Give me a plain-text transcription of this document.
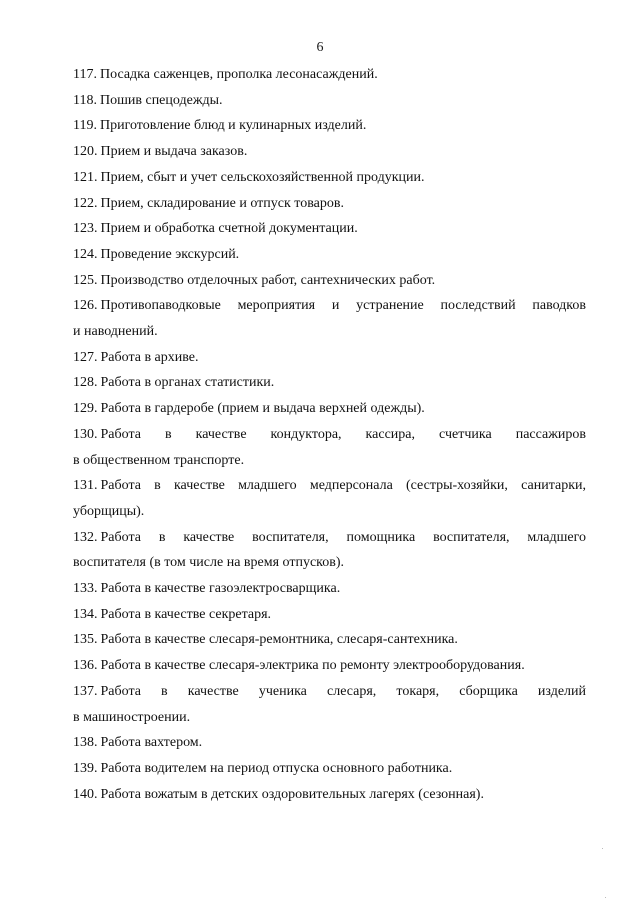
6

117. Посадка саженцев, прополка лесонасаждений.

118. Пошив спецодежды.

119. Приготовление блюд и кулинарных изделий.

120. Прием и выдача заказов.

121. Прием, сбыт и учет сельскохозяйственной продукции.

122. Прием, складирование и отпуск товаров.

123. Прием и обработка счетной документации.

124. Проведение экскурсий.

125. Производство отделочных работ, сантехнических работ.

126. Противопаводковые мероприятия и устранение последствий паводков
и наводнений.

127. Работа в архиве.

128. Работа в органах статистики.

129. Работа в гардеробе (прием и выдача верхней одежды).

130. Работа в качестве кондуктора, кассира, счетчика пассажиров
в общественном транспорте.

131. Работа в качестве младшего медперсонала (сестры-хозяйки, санитарки,
уборщицы).

132. Работа в качестве воспитателя, помощника воспитателя, младшего
воспитателя (в том числе на время отпусков).

133. Работа в качестве газоэлектросварщика.

134. Работа в качестве секретаря.

135. Работа в качестве слесаря-ремонтника, слесаря-сантехника.

136. Работа в качестве слесаря-электрика по ремонту электрооборудования.

137. Работа в качестве ученика слесаря, токаря, сборщика изделий
в машиностроении.

138. Работа вахтером.

139. Работа водителем на период отпуска основного работника.

140. Работа вожатым в детских оздоровительных лагерях (сезонная).
